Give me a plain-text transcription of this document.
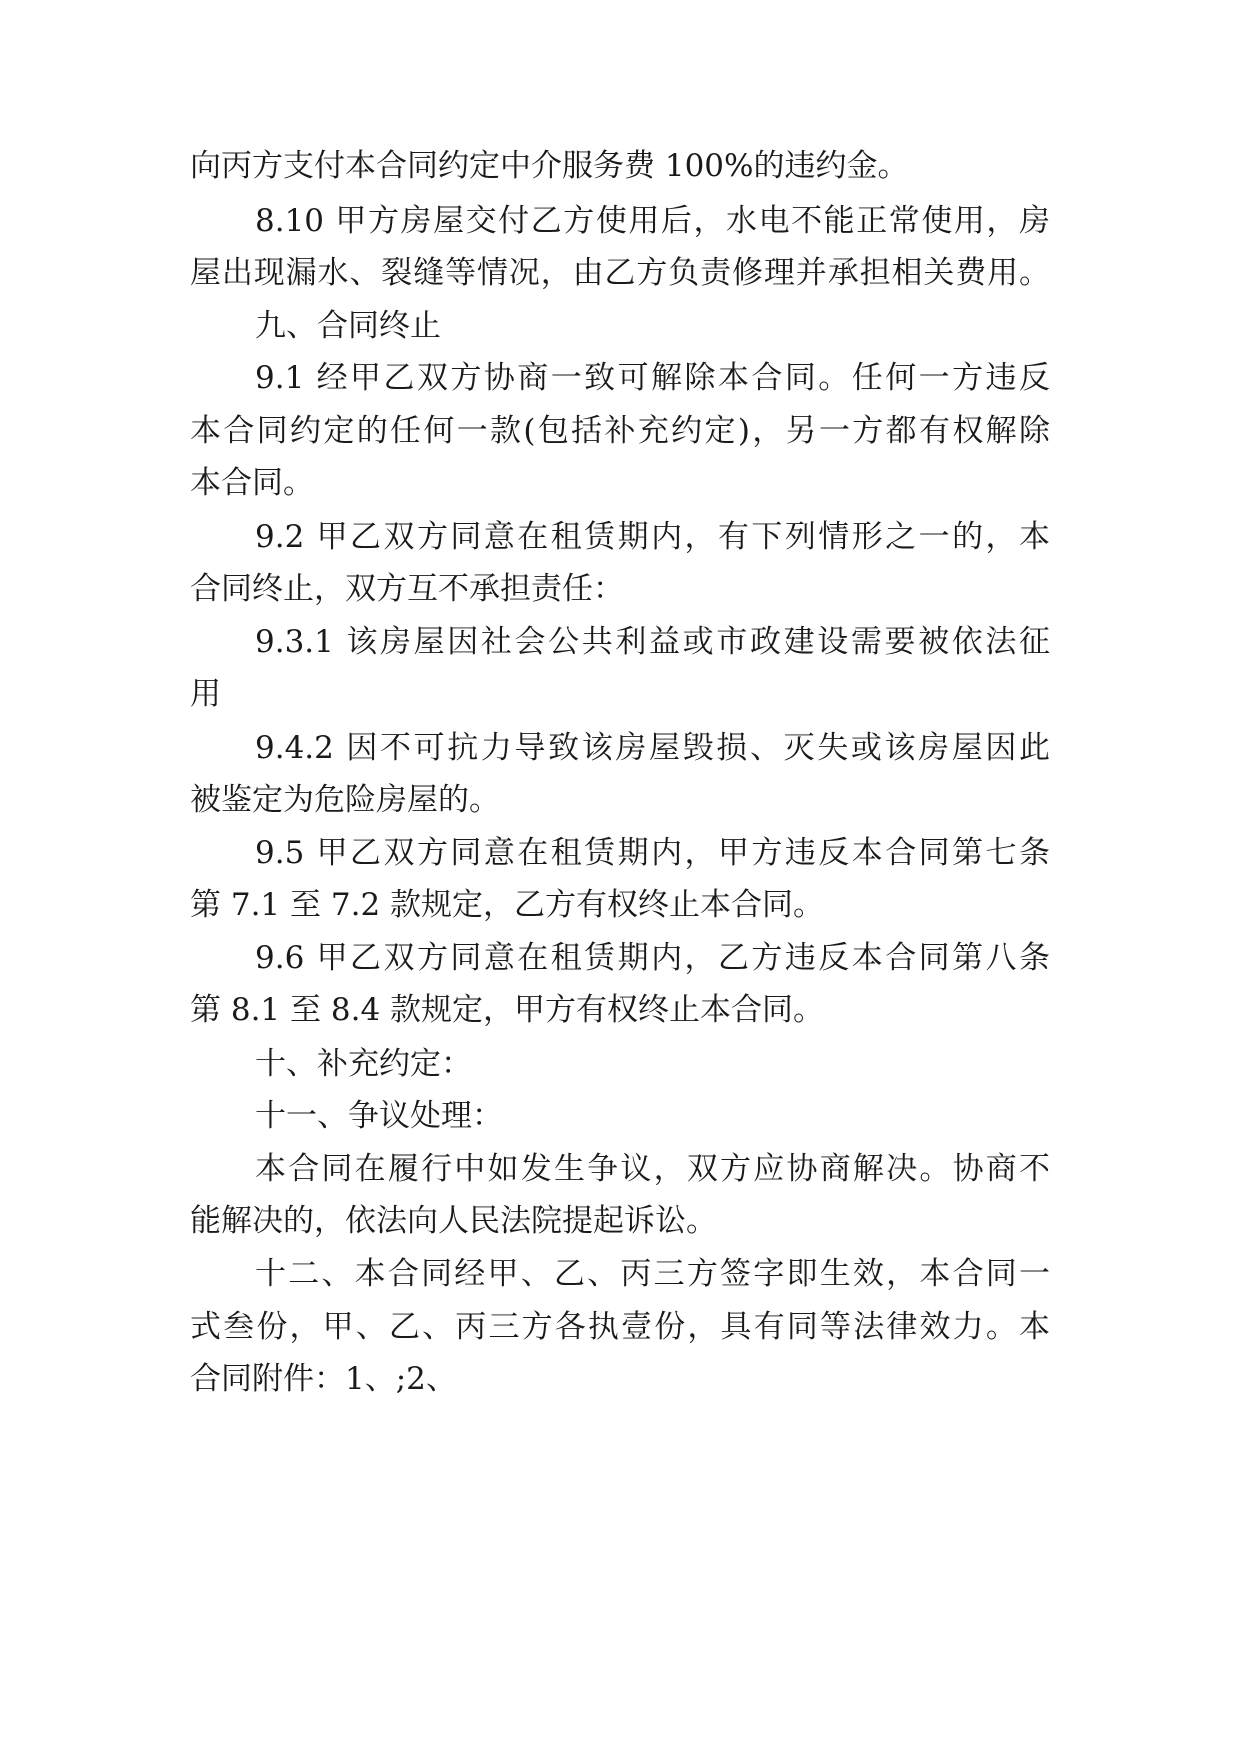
向丙方支付本合同约定中介服务费 100%的违约金。
8.10 甲方房屋交付乙方使用后，水电不能正常使用，房
屋出现漏水、裂缝等情况，由乙方负责修理并承担相关费用。
九、合同终止
9.1 经甲乙双方协商一致可解除本合同。任何一方违反
本合同约定的任何一款(包括补充约定)，另一方都有权解除
本合同。
9.2 甲乙双方同意在租赁期内，有下列情形之一的，本
合同终止，双方互不承担责任：
9.3.1 该房屋因社会公共利益或市政建设需要被依法征
用
9.4.2 因不可抗力导致该房屋毁损、灭失或该房屋因此
被鉴定为危险房屋的。
9.5 甲乙双方同意在租赁期内，甲方违反本合同第七条
第 7.1 至 7.2 款规定，乙方有权终止本合同。
9.6 甲乙双方同意在租赁期内，乙方违反本合同第八条
第 8.1 至 8.4 款规定，甲方有权终止本合同。
十、补充约定：
十一、争议处理：
本合同在履行中如发生争议，双方应协商解决。协商不
能解决的，依法向人民法院提起诉讼。
十二、本合同经甲、乙、丙三方签字即生效，本合同一
式叁份，甲、乙、丙三方各执壹份，具有同等法律效力。本
合同附件：1、;2、
